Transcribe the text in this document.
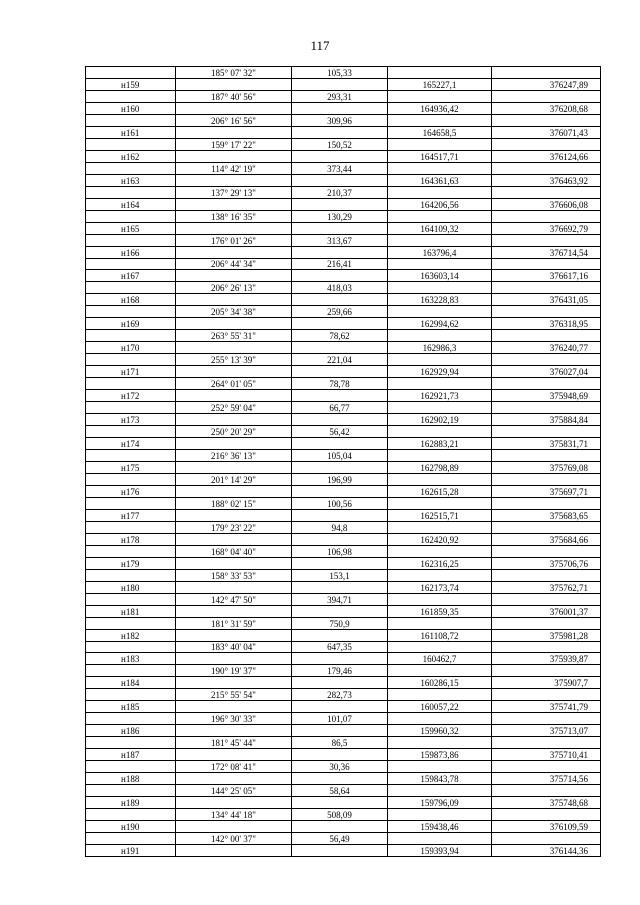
117
	185° 07' 32"	105,33		
н159			165227,1	376247,89
	187° 40' 56"	293,31		
н160			164936,42	376208,68
	206° 16' 56"	309,96		
н161			164658,5	376071,43
	159° 17' 22"	150,52		
н162			164517,71	376124,66
	114° 42' 19"	373,44		
н163			164361,63	376463,92
	137° 29' 13"	210,37		
н164			164206,56	376606,08
	138° 16' 35"	130,29		
н165			164109,32	376692,79
	176° 01' 26"	313,67		
н166			163796,4	376714,54
	206° 44' 34"	216,41		
н167			163603,14	376617,16
	206° 26' 13"	418,03		
н168			163228,83	376431,05
	205° 34' 38"	259,66		
н169			162994,62	376318,95
	263° 55' 31"	78,62		
н170			162986,3	376240,77
	255° 13' 39"	221,04		
н171			162929,94	376027,04
	264° 01' 05"	78,78		
н172			162921,73	375948,69
	252° 59' 04"	66,77		
н173			162902,19	375884,84
	250° 20' 29"	56,42		
н174			162883,21	375831,71
	216° 36' 13"	105,04		
н175			162798,89	375769,08
	201° 14' 29"	196,99		
н176			162615,28	375697,71
	188° 02' 15"	100,56		
н177			162515,71	375683,65
	179° 23' 22"	94,8		
н178			162420,92	375684,66
	168° 04' 40"	106,98		
н179			162316,25	375706,76
	158° 33' 53"	153,1		
н180			162173,74	375762,71
	142° 47' 50"	394,71		
н181			161859,35	376001,37
	181° 31' 59"	750,9		
н182			161108,72	375981,28
	183° 40' 04"	647,35		
н183			160462,7	375939,87
	190° 19' 37"	179,46		
н184			160286,15	375907,7
	215° 55' 54"	282,73		
н185			160057,22	375741,79
	196° 30' 33"	101,07		
н186			159960,32	375713,07
	181° 45' 44"	86,5		
н187			159873,86	375710,41
	172° 08' 41"	30,36		
н188			159843,78	375714,56
	144° 25' 05"	58,64		
н189			159796,09	375748,68
	134° 44' 18"	508,09		
н190			159438,46	376109,59
	142° 00' 37"	56,49		
н191			159393,94	376144,36
